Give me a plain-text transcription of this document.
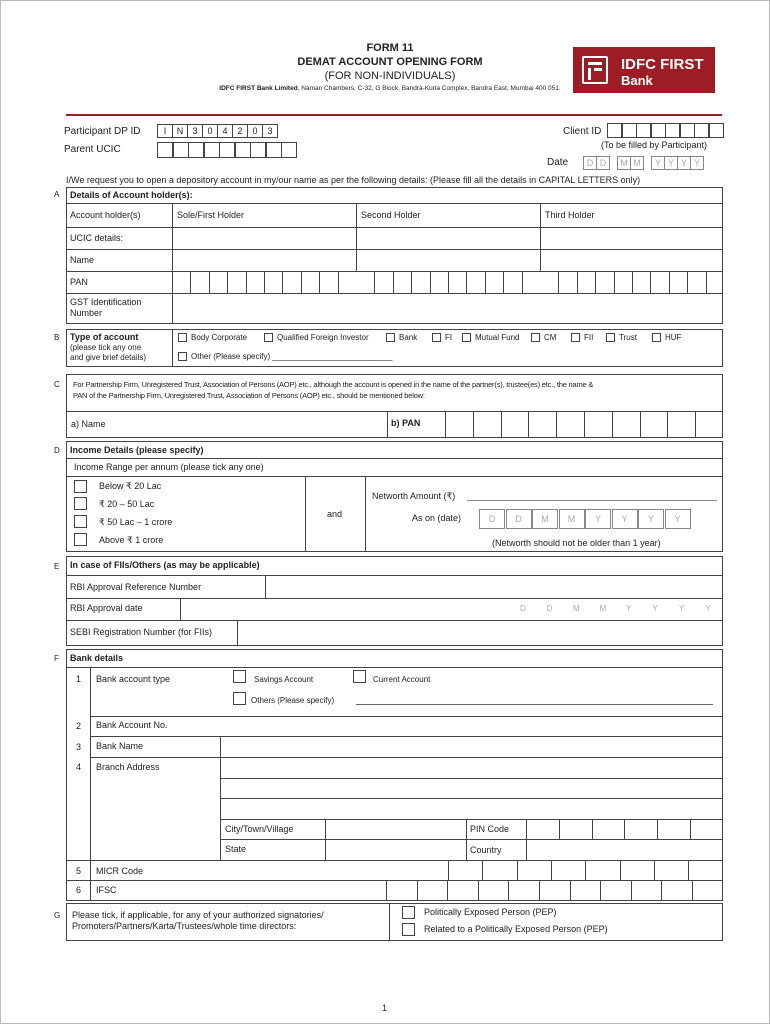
FORM 11
DEMAT ACCOUNT OPENING FORM
(FOR NON-INDIVIDUALS)
IDFC FIRST Bank Limited, Naman Chambers, C-32, G Block, Bandra-Kurla Complex, Bandra East, Mumbai 400 051.
IDFC FIRST
Bank
Participant DP ID	I	N	3	0	4	2	0	3
Parent UCIC
Client ID
(To be filled by Participant)
Date	D D	M M	Y Y Y Y
I/We request you to open a depository account in my/our name as per the following details: (Please fill all the details in CAPITAL LETTERS only)
A Details of Account holder(s):
Account holder(s)	Sole/First Holder	Second Holder	Third Holder
UCIC details:
Name
PAN
GST Identification
Number
B Type of account
(please tick any one
and give brief details)
Body Corporate	Qualified Foreign Investor	Bank	FI	Mutual Fund	CM	FII	Trust	HUF
Other (Please specify) ___________________________
C For Partnership Firm, Unregistered Trust, Association of Persons (AOP) etc., although the account is opened in the name of the partner(s), trustee(es) etc., the name &
PAN of the Partnership Firm, Unregistered Trust, Association of Persons (AOP) etc., should be mentioned below:
a) Name	b) PAN
D Income Details (please specify)
Income Range per annum (please tick any one)
Below ₹ 20 Lac
₹ 20 – 50 Lac
₹ 50 Lac – 1 crore
Above ₹ 1 crore
and
Networth Amount (₹)
As on (date)	D	D	M	M	Y	Y	Y	Y
(Networth should not be older than 1 year)
E In case of FIIs/Others (as may be applicable)
RBI Approval Reference Number
RBI Approval date	D	D	M M Y	Y	Y	Y
SEBI Registration Number (for FIIs)
F Bank details
1 Bank account type	Savings Account	Current Account
Others (Please specify)
2 Bank Account No.
3 Bank Name
4 Branch Address
City/Town/Village	PIN Code
State	Country
5 MICR Code
6 IFSC
G Please tick, if applicable, for any of your authorized signatories/
Promoters/Partners/Karta/Trustees/whole time directors:
Politically Exposed Person (PEP)
Related to a Politically Exposed Person (PEP)
1
